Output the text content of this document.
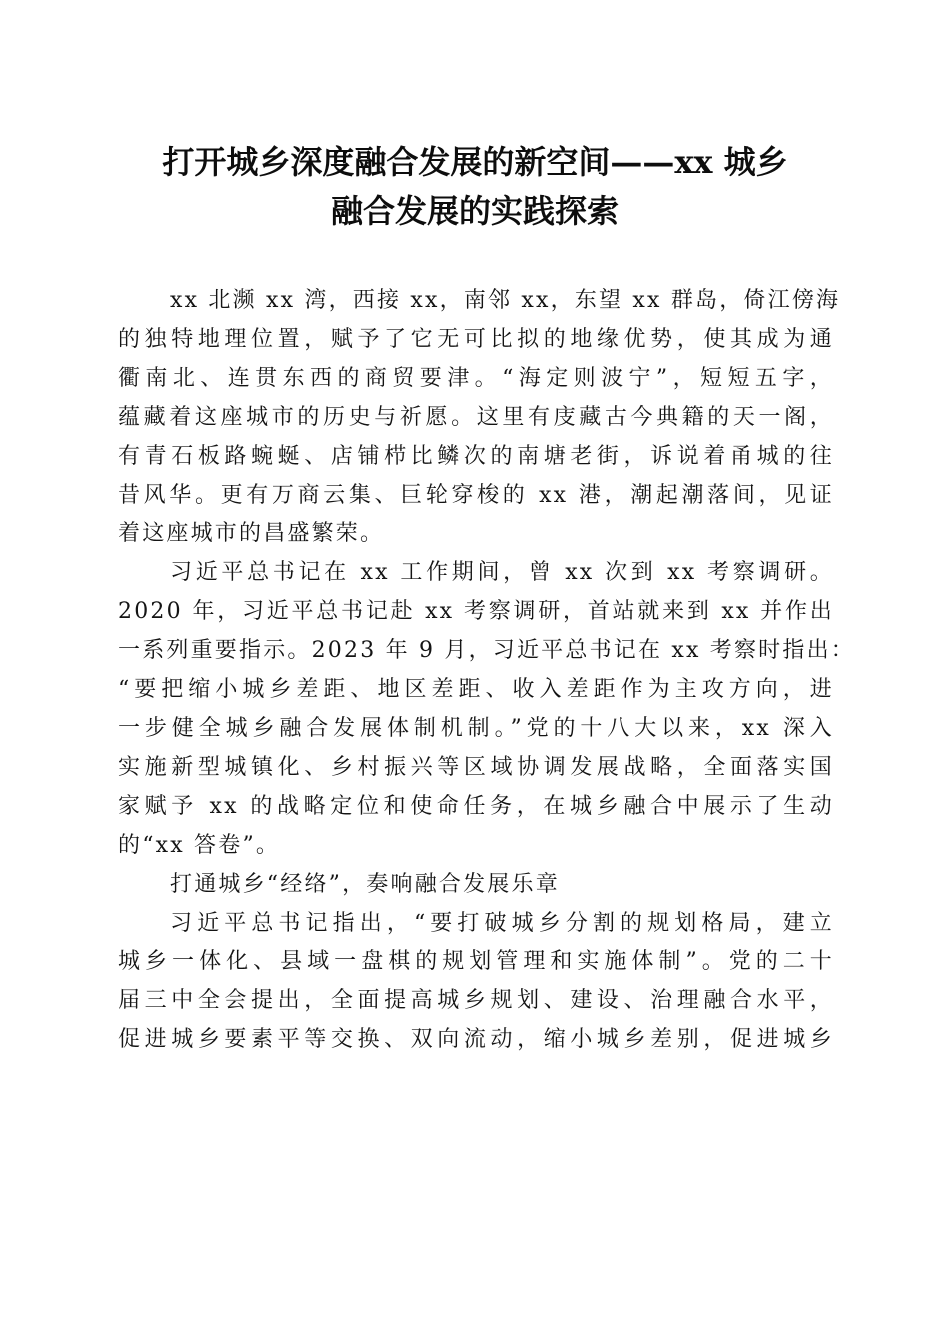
打开城乡深度融合发展的新空间——xx 城乡
融合发展的实践探索

xx 北濒 xx 湾，西接 xx，南邻 xx，东望 xx 群岛，倚江傍海
的独特地理位置，赋予了它无可比拟的地缘优势，使其成为通
衢南北、连贯东西的商贸要津。“海定则波宁”，短短五字，
蕴藏着这座城市的历史与祈愿。这里有庋藏古今典籍的天一阁，
有青石板路蜿蜒、店铺栉比鳞次的南塘老街，诉说着甬城的往
昔风华。更有万商云集、巨轮穿梭的 xx 港，潮起潮落间，见证
着这座城市的昌盛繁荣。

习近平总书记在 xx 工作期间，曾 xx 次到 xx 考察调研。
2020 年，习近平总书记赴 xx 考察调研，首站就来到 xx 并作出
一系列重要指示。2023 年 9 月，习近平总书记在 xx 考察时指出：
“要把缩小城乡差距、地区差距、收入差距作为主攻方向，进
一步健全城乡融合发展体制机制。”党的十八大以来，xx 深入
实施新型城镇化、乡村振兴等区域协调发展战略，全面落实国
家赋予 xx 的战略定位和使命任务，在城乡融合中展示了生动
的“xx 答卷”。

打通城乡“经络”，奏响融合发展乐章

习近平总书记指出，“要打破城乡分割的规划格局，建立
城乡一体化、县域一盘棋的规划管理和实施体制”。党的二十
届三中全会提出，全面提高城乡规划、建设、治理融合水平，
促进城乡要素平等交换、双向流动，缩小城乡差别，促进城乡
